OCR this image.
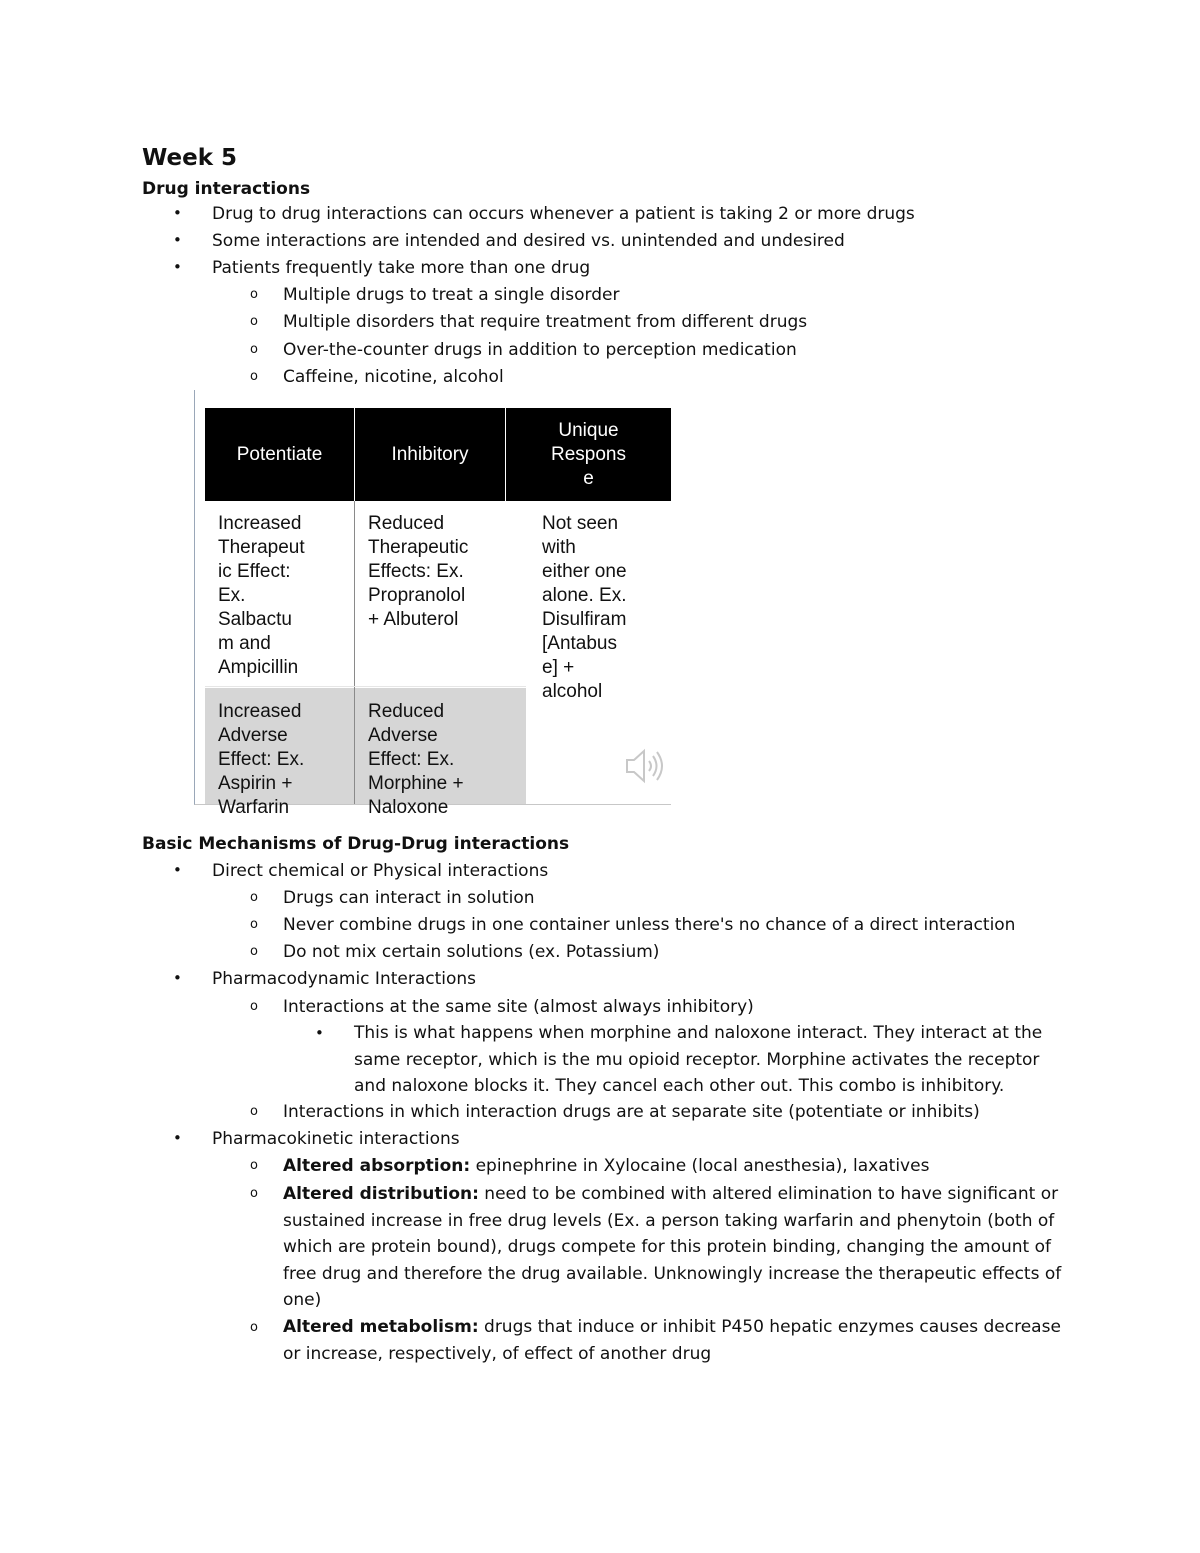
Week 5
Drug interactions
• Drug to drug interactions can occurs whenever a patient is taking 2 or more drugs
• Some interactions are intended and desired vs. unintended and undesired
• Patients frequently take more than one drug
o Multiple drugs to treat a single disorder
o Multiple disorders that require treatment from different drugs
o Over-the-counter drugs in addition to perception medication
o Caffeine, nicotine, alcohol
Potentiate	Inhibitory
Unique
Respons
e
Increased
Therapeut
ic Effect:
Ex.
Salbactu
m and
Ampicillin
Reduced
Therapeutic
Effects: Ex.
Propranolol
+ Albuterol
Not seen
with
either one
alone. Ex.
Disulfiram
[Antabus
e] +
alcohol
Increased
Adverse
Effect: Ex.
Aspirin +
Warfarin
Reduced
Adverse
Effect: Ex.
Morphine +
Naloxone
Basic Mechanisms of Drug-Drug interactions
• Direct chemical or Physical interactions
o Drugs can interact in solution
o Never combine drugs in one container unless there's no chance of a direct interaction
o Do not mix certain solutions (ex. Potassium)
• Pharmacodynamic Interactions
o Interactions at the same site (almost always inhibitory)
• This is what happens when morphine and naloxone interact. They interact at the same receptor, which is the mu opioid receptor. Morphine activates the receptor and naloxone blocks it. They cancel each other out. This combo is inhibitory.
o Interactions in which interaction drugs are at separate site (potentiate or inhibits)
• Pharmacokinetic interactions
o Altered absorption: epinephrine in Xylocaine (local anesthesia), laxatives
o Altered distribution: need to be combined with altered elimination to have significant or sustained increase in free drug levels (Ex. a person taking warfarin and phenytoin (both of which are protein bound), drugs compete for this protein binding, changing the amount of free drug and therefore the drug available. Unknowingly increase the therapeutic effects of one)
o Altered metabolism: drugs that induce or inhibit P450 hepatic enzymes causes decrease or increase, respectively, of effect of another drug
